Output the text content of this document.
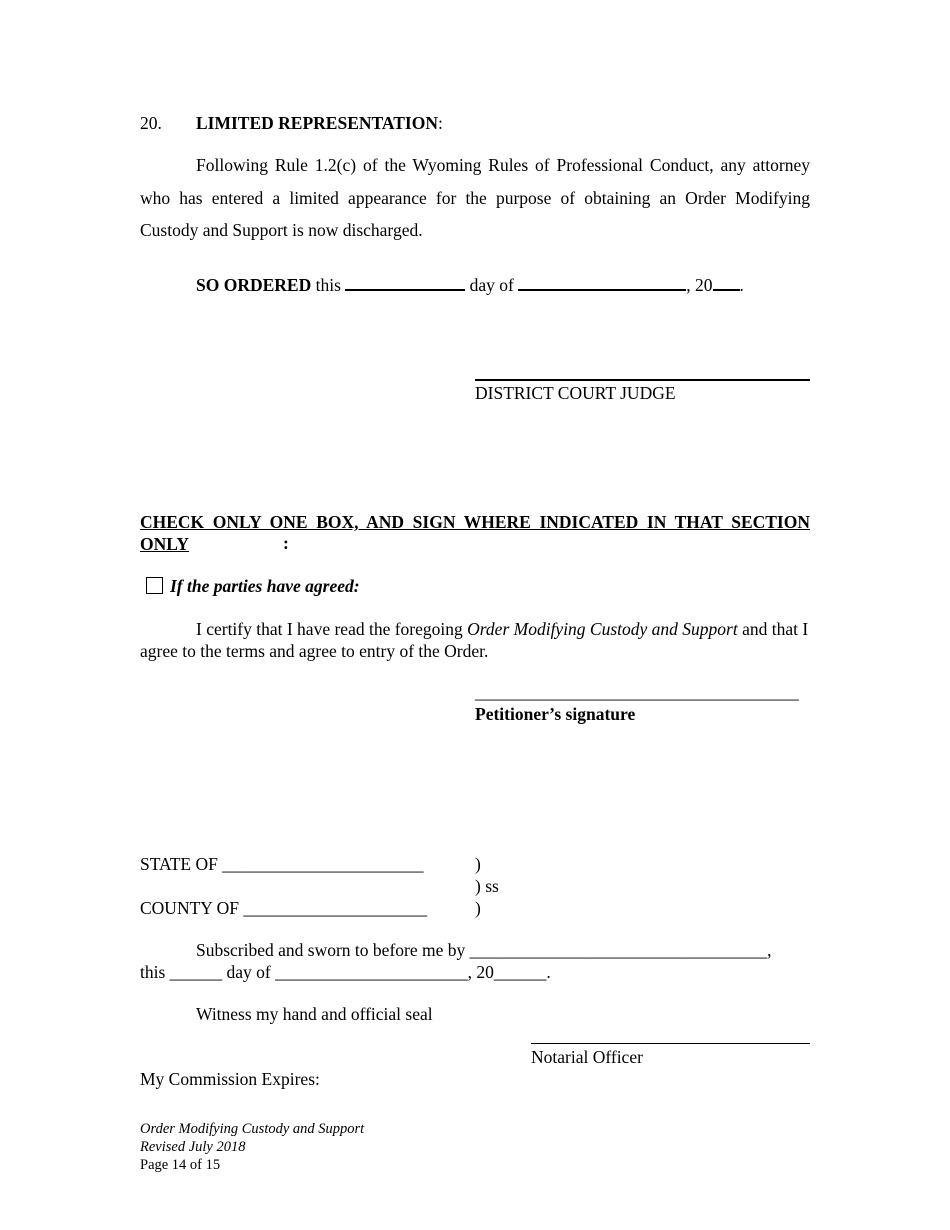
20. LIMITED REPRESENTATION:
Following Rule 1.2(c) of the Wyoming Rules of Professional Conduct, any attorney who has entered a limited appearance for the purpose of obtaining an Order Modifying Custody and Support is now discharged.
SO ORDERED this	day of	, 20 .
DISTRICT COURT JUDGE
CHECK ONLY ONE BOX, AND SIGN WHERE INDICATED IN THAT SECTION ONLY	:
If the parties have agreed:
I certify that I have read the foregoing Order Modifying Custody and Support and that I agree to the terms and agree to entry of the Order.
_____________________________________
Petitioner’s signature
STATE OF _______________________	)
) ss
COUNTY OF _____________________	)
Subscribed and sworn to before me by __________________________________,
this ______ day of ______________________, 20______.
Witness my hand and official seal
Notarial Officer
My Commission Expires:
Order Modifying Custody and Support
Revised July 2018
Page 14 of 15
